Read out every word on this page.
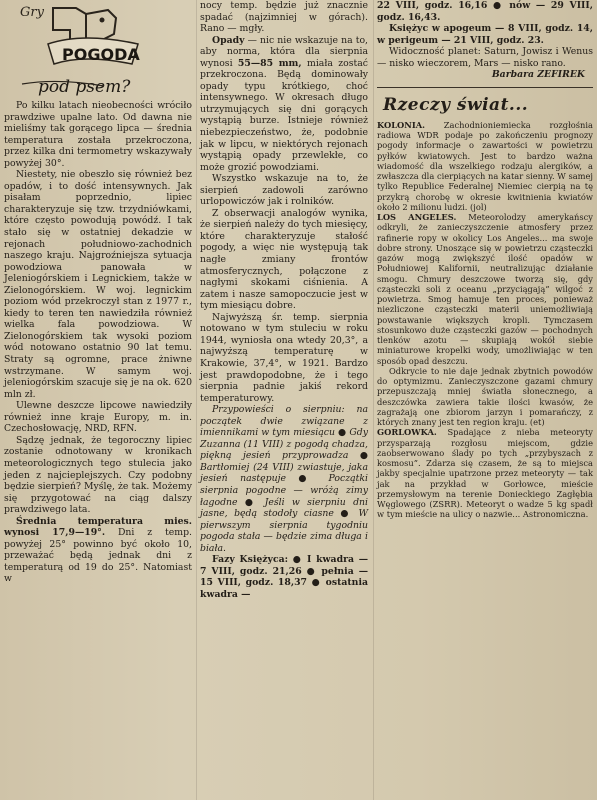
Gry
POGODA
pod psem?

Po kilku latach nieobecności wróciło prawdziwe upalne lato. Od dawna nie mieliśmy tak gorącego lipca — średnia temperatura została przekroczona, przez kilka dni termometry wskazywały powyżej 30°.

Niestety, nie obeszło się również bez opadów, i to dość intensywnych. Jak pisałam poprzednio, lipiec charakteryzuje się tzw. trzydniówkami, które często powodują powódź. I tak stało się w ostatniej dekadzie w rejonach południowo-zachodnich naszego kraju. Najgroźniejsza sytuacja powodziowa panowała w Jeleniogórskiem i Legnickiem, także w Zielonogórskiem. W woj. legnickim poziom wód przekroczył stan z 1977 r., kiedy to teren ten nawiedziła również wielka fala powodziowa. W Zielonogórskiem tak wysoki poziom wód notowano ostatnio 90 lat temu. Straty są ogromne, prace żniwne wstrzymane. W samym woj. jeleniogórskim szacuje się je na ok. 620 mln zł.

Ulewne deszcze lipcowe nawiedziły również inne kraje Europy, m. in. Czechosłowację, NRD, RFN.

Sądzę jednak, że tegoroczny lipiec zostanie odnotowany w kronikach meteorologicznych tego stulecia jako jeden z najcieplejszych. Czy podobny będzie sierpień? Myślę, że tak. Możemy się przygotować na ciąg dalszy prawdziwego lata.

Średnia temperatura mies. wynosi 17,9—19°. Dni z temp. powyżej 25° powinno być około 10, przeważać będą jednak dni z temperaturą od 19 do 25°. Natomiast w

nocy temp. będzie już znacznie spadać (najzimniej w górach). Rano — mgły.

Opady — nic nie wskazuje na to, aby norma, która dla sierpnia wynosi 55—85 mm, miała zostać przekroczona. Będą dominowały opady typu krótkiego, choć intensywnego. W okresach długo utrzymujących się dni gorących wystąpią burze. Istnieje również niebezpieczeństwo, że, podobnie jak w lipcu, w niektórych rejonach wystąpią opady przewlekłe, co może grozić powodziami.

Wszystko wskazuje na to, że sierpień zadowoli zarówno urlopowiczów jak i rolników.

Z obserwacji analogów wynika, że sierpień należy do tych miesięcy, które charakteryzuje stałość pogody, a więc nie występują tak nagłe zmiany frontów atmosferycznych, połączone z nagłymi skokami ciśnienia. A zatem i nasze samopoczucie jest w tym miesiącu dobre.

Najwyższą śr. temp. sierpnia notowano w tym stuleciu w roku 1944, wyniosła ona wtedy 20,3°, a najwyższą temperaturę w Krakowie, 37,4°, w 1921. Bardzo jest prawdopodobne, że i tego sierpnia padnie jakiś rekord temperaturowy.

Przypowieści o sierpniu: na początek dwie związane z imiennikami w tym miesiącu ● Gdy Zuzanna (11 VIII) z pogodą chadza, piękną jesień przyprowadza ● Bartłomiej (24 VIII) zwiastuje, jaka jesień następuje ● Początki sierpnia pogodne — wróżą zimy łagodne ● Jeśli w sierpniu dni jasne, będą stodoły ciasne ● W pierwszym sierpnia tygodniu pogoda stała — będzie zima długa i biała.

Fazy Księżyca: ● I kwadra — 7 VIII, godz. 21,26 ● pełnia — 15 VIII, godz. 18,37 ● ostatnia kwadra —

22 VIII, godz. 16,16 ● nów — 29 VIII, godz. 16,43.

Księżyc w apogeum — 8 VIII, godz. 14, w perigeum — 21 VIII, godz. 23.

Widoczność planet: Saturn, Jowisz i Wenus — nisko wieczorem, Mars — nisko rano.

Barbara ZEFIREK
Rzeczy świat...

KOLONIA. Zachodnioniemiecka rozgłośnia radiowa WDR podaje po zakończeniu prognozy pogody informacje o zawartości w powietrzu pyłków kwiatowych. Jest to bardzo ważna wiadomość dla wszelkiego rodzaju alergików, a zwłaszcza dla cierpiących na katar sienny. W samej tylko Republice Federalnej Niemiec cierpią na tę przykrą chorobę w okresie kwitnienia kwiatów około 2 milionu ludzi. (jol)

LOS ANGELES. Meteorolodzy amerykańscy odkryli, że zanieczyszczenie atmosfery przez rafinerie ropy w okolicy Los Angeles... ma swoje dobre strony. Unoszące się w powietrzu cząsteczki gazów mogą zwiększyć ilość opadów w Południowej Kalifornii, neutralizując działanie smogu. Chmury deszczowe tworzą się, gdy cząsteczki soli z oceanu „przyciągają” wilgoć z powietrza. Smog hamuje ten proces, ponieważ niezliczone cząsteczki materii uniemożliwiają powstawanie większych kropli. Tymczasem stosunkowo duże cząsteczki gazów — pochodnych tlenków azotu — skupiają wokół siebie miniaturowe kropelki wody, umożliwiając w ten sposób opad deszczu.

Odkrycie to nie daje jednak zbytnich powodów do optymizmu. Zanieczyszczone gazami chmury przepuszczają mniej światła słonecznego, a deszczówka zawiera takie ilości kwasów, że zagrażają one zbiorom jarzyn i pomarańczy, z których znany jest ten region kraju. (et)

GORLOWKA. Spadające z nieba meteoryty przysparzają rozgłosu miejscom, gdzie zaobserwowano ślady po tych „przybyszach z kosmosu”. Zdarza się czasem, że są to miejsca jakby specjalnie upatrzone przez meteoryty — tak jak na przykład w Gorłowce, mieście przemysłowym na terenie Donieckiego Zagłębia Węglowego (ZSRR). Meteoryt o wadze 5 kg spadł w tym mieście na ulicy o nazwie... Astronomiczna.
